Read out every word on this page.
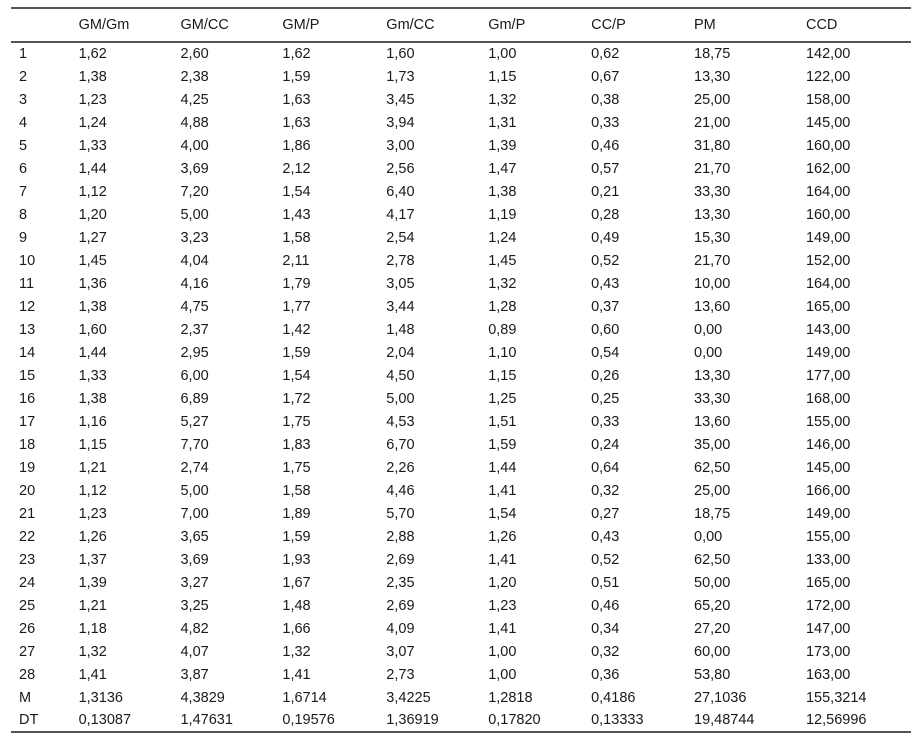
	GM/Gm	GM/CC	GM/P	Gm/CC	Gm/P	CC/P	PM	CCD
1	1,62	2,60	1,62	1,60	1,00	0,62	18,75	142,00
2	1,38	2,38	1,59	1,73	1,15	0,67	13,30	122,00
3	1,23	4,25	1,63	3,45	1,32	0,38	25,00	158,00
4	1,24	4,88	1,63	3,94	1,31	0,33	21,00	145,00
5	1,33	4,00	1,86	3,00	1,39	0,46	31,80	160,00
6	1,44	3,69	2,12	2,56	1,47	0,57	21,70	162,00
7	1,12	7,20	1,54	6,40	1,38	0,21	33,30	164,00
8	1,20	5,00	1,43	4,17	1,19	0,28	13,30	160,00
9	1,27	3,23	1,58	2,54	1,24	0,49	15,30	149,00
10	1,45	4,04	2,11	2,78	1,45	0,52	21,70	152,00
11	1,36	4,16	1,79	3,05	1,32	0,43	10,00	164,00
12	1,38	4,75	1,77	3,44	1,28	0,37	13,60	165,00
13	1,60	2,37	1,42	1,48	0,89	0,60	0,00	143,00
14	1,44	2,95	1,59	2,04	1,10	0,54	0,00	149,00
15	1,33	6,00	1,54	4,50	1,15	0,26	13,30	177,00
16	1,38	6,89	1,72	5,00	1,25	0,25	33,30	168,00
17	1,16	5,27	1,75	4,53	1,51	0,33	13,60	155,00
18	1,15	7,70	1,83	6,70	1,59	0,24	35,00	146,00
19	1,21	2,74	1,75	2,26	1,44	0,64	62,50	145,00
20	1,12	5,00	1,58	4,46	1,41	0,32	25,00	166,00
21	1,23	7,00	1,89	5,70	1,54	0,27	18,75	149,00
22	1,26	3,65	1,59	2,88	1,26	0,43	0,00	155,00
23	1,37	3,69	1,93	2,69	1,41	0,52	62,50	133,00
24	1,39	3,27	1,67	2,35	1,20	0,51	50,00	165,00
25	1,21	3,25	1,48	2,69	1,23	0,46	65,20	172,00
26	1,18	4,82	1,66	4,09	1,41	0,34	27,20	147,00
27	1,32	4,07	1,32	3,07	1,00	0,32	60,00	173,00
28	1,41	3,87	1,41	2,73	1,00	0,36	53,80	163,00
M	1,3136	4,3829	1,6714	3,4225	1,2818	0,4186	27,1036	155,3214
DT	0,13087	1,47631	0,19576	1,36919	0,17820	0,13333	19,48744	12,56996
